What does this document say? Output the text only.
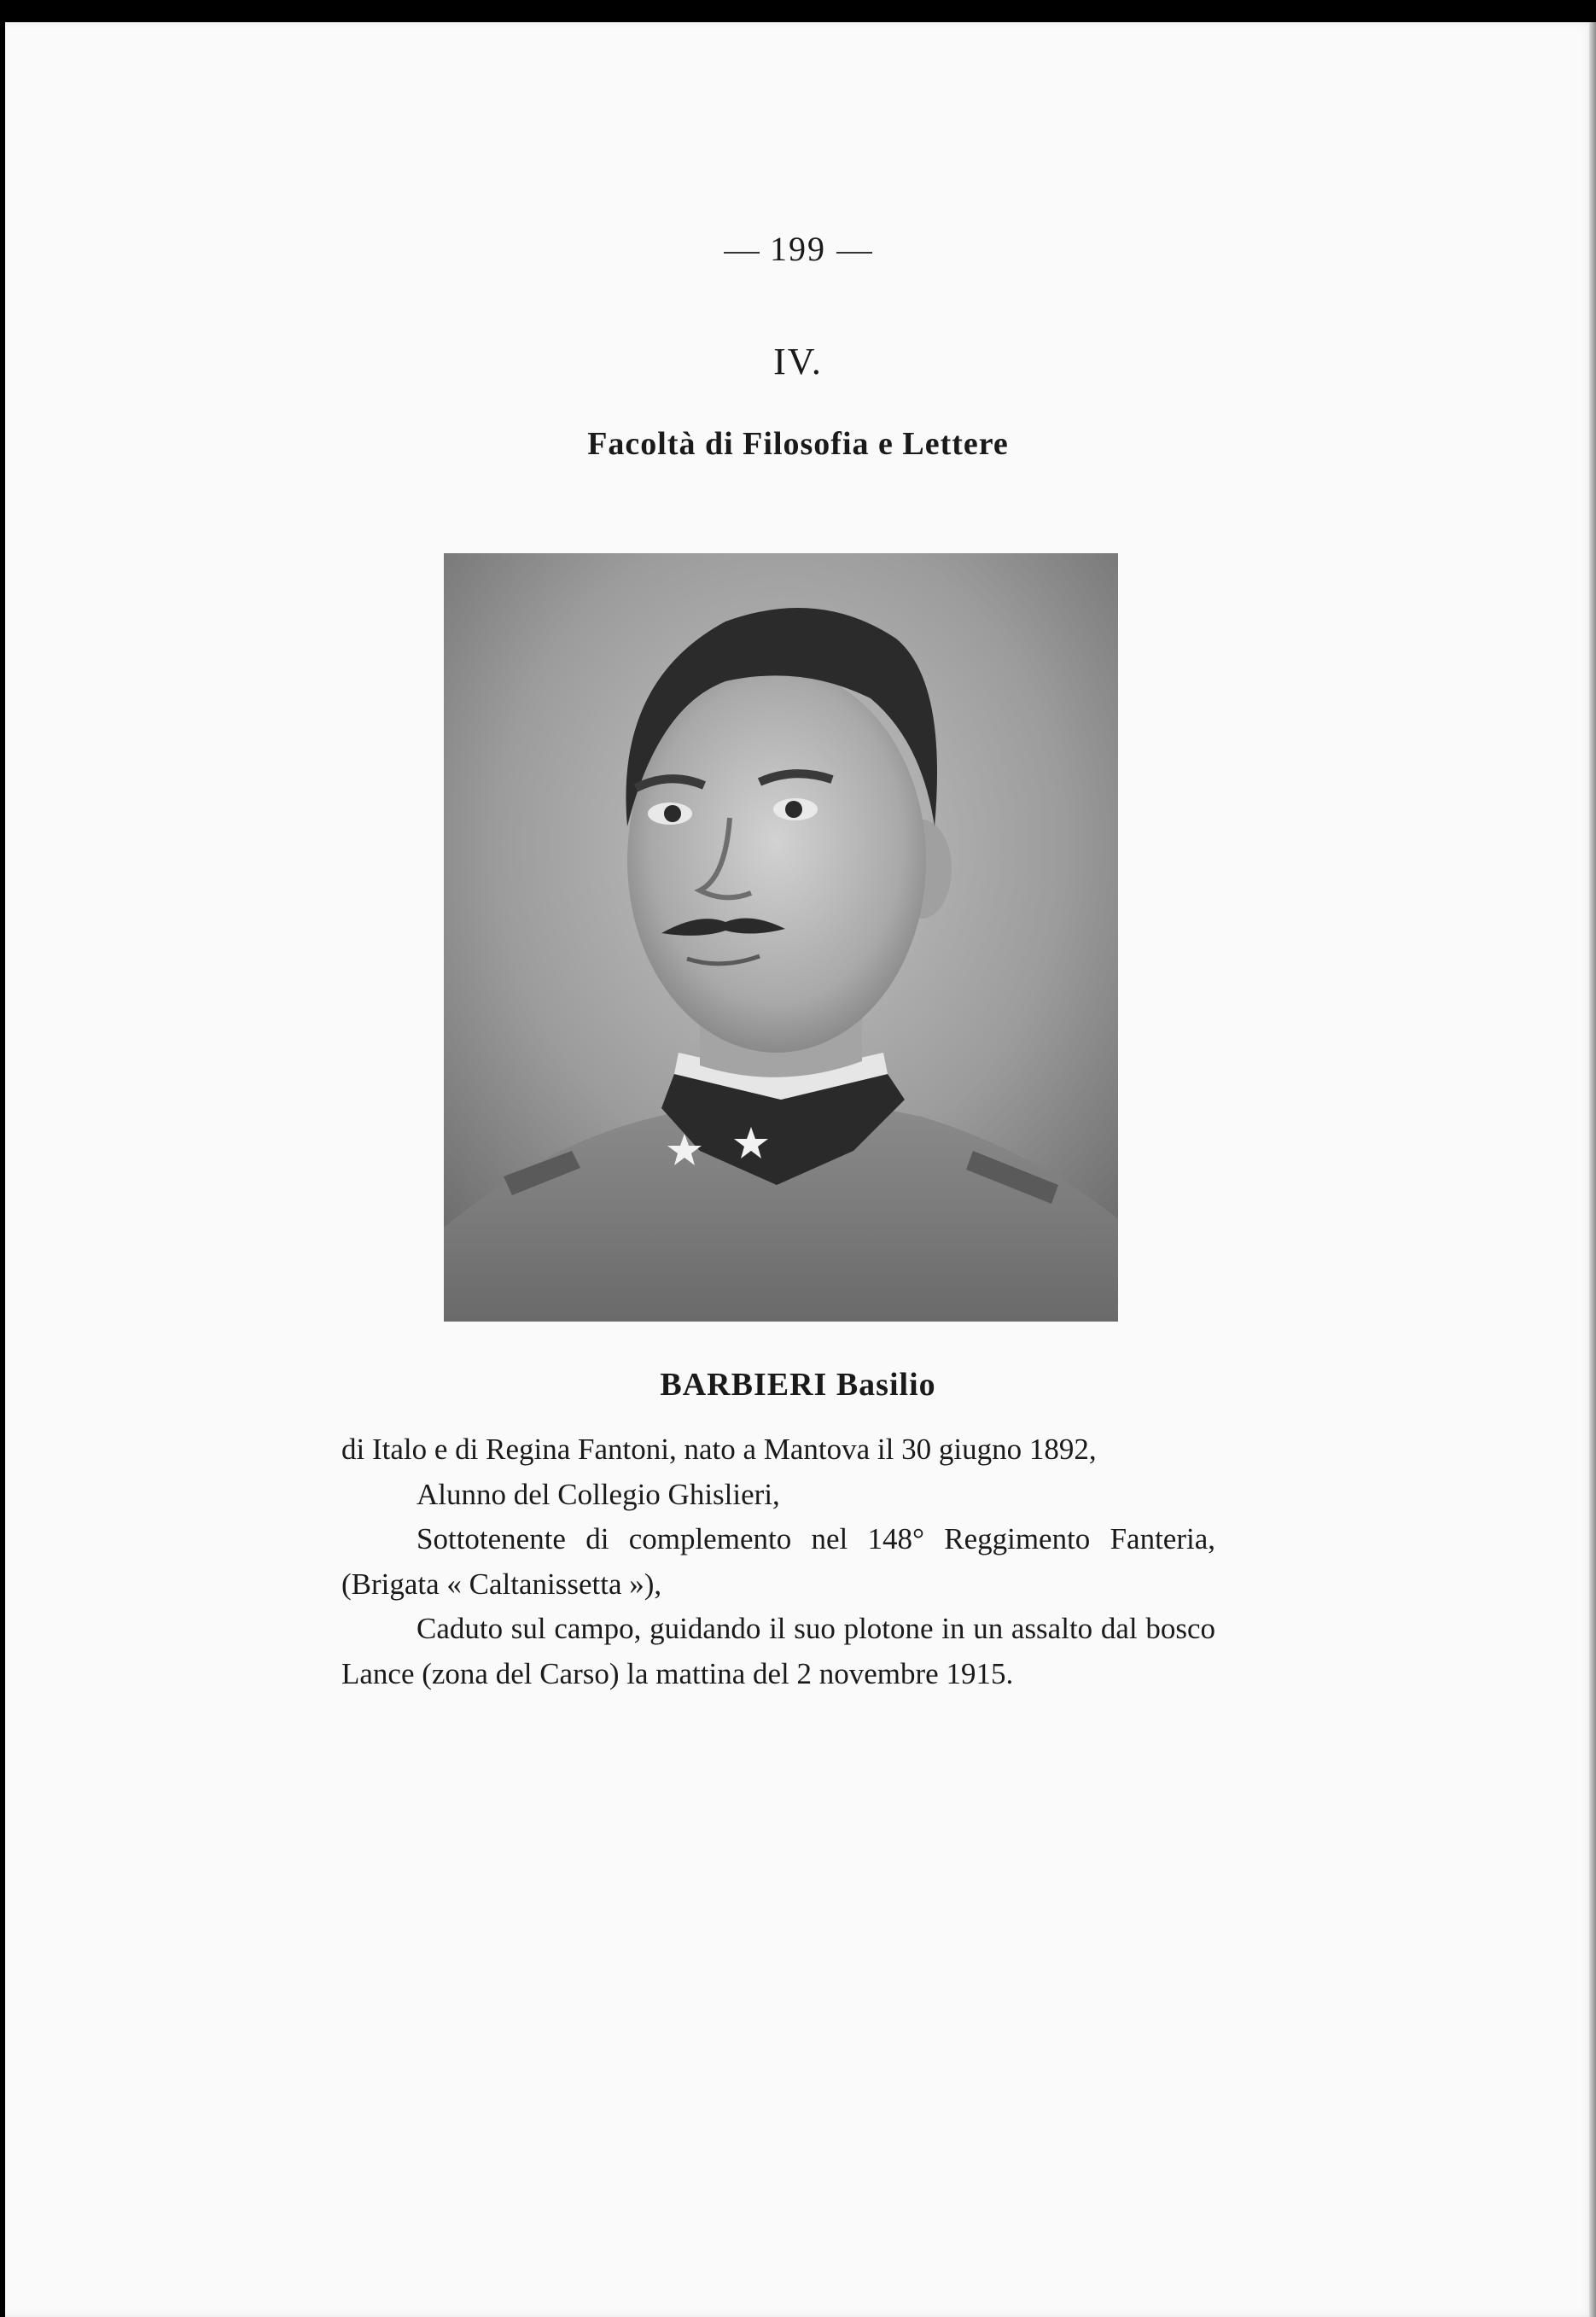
199
IV.
Facoltà di Filosofia e Lettere
BARBIERI Basilio

di Italo e di Regina Fantoni, nato a Mantova il 30 giugno 1892,

Alunno del Collegio Ghislieri,

Sottotenente di complemento nel 148° Reggimento Fanteria, (Brigata « Caltanissetta »),

Caduto sul campo, guidando il suo plotone in un assalto dal bosco Lance (zona del Carso) la mattina del 2 novembre 1915.
